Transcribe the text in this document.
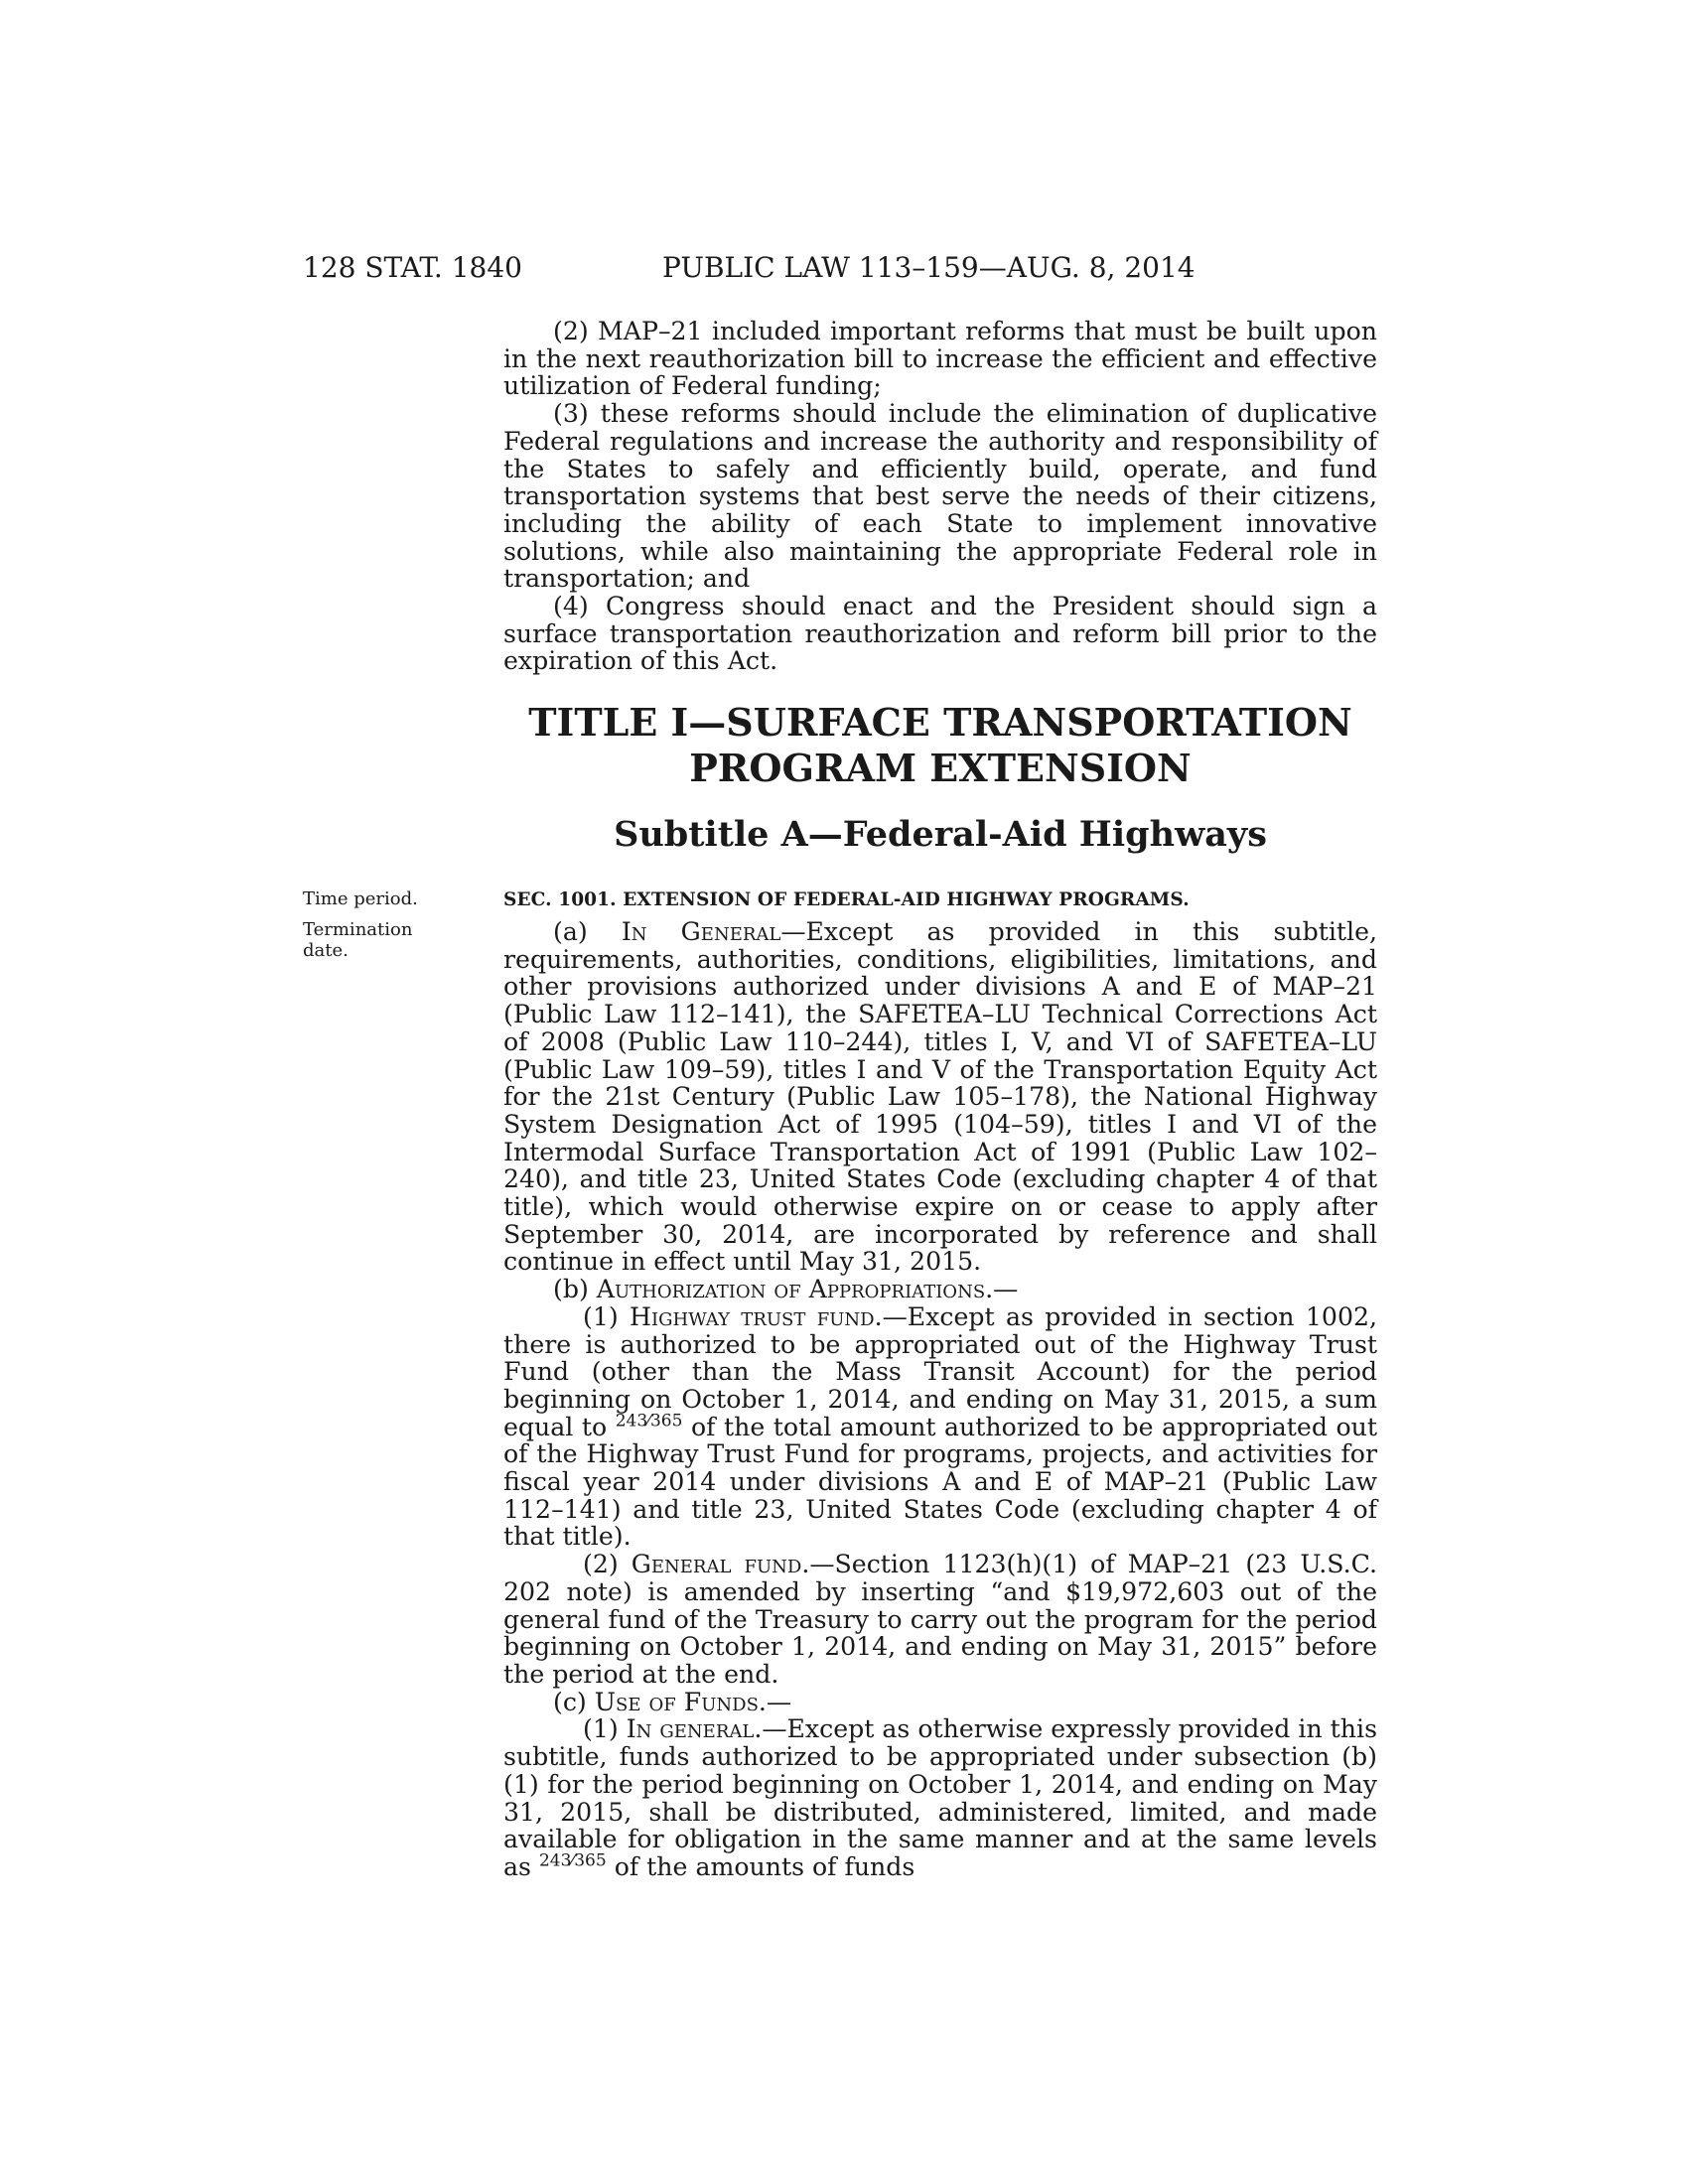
128 STAT. 1840	PUBLIC LAW 113–159—AUG. 8, 2014

(2) MAP–21 included important reforms that must be built upon in the next reauthorization bill to increase the efficient and effective utilization of Federal funding;

(3) these reforms should include the elimination of duplicative Federal regulations and increase the authority and responsibility of the States to safely and efficiently build, operate, and fund transportation systems that best serve the needs of their citizens, including the ability of each State to implement innovative solutions, while also maintaining the appropriate Federal role in transportation; and

(4) Congress should enact and the President should sign a surface transportation reauthorization and reform bill prior to the expiration of this Act.

TITLE I—SURFACE TRANSPORTATION
PROGRAM EXTENSION
Subtitle A—Federal-Aid Highways
Time period.
Termination date.
SEC. 1001. EXTENSION OF FEDERAL-AID HIGHWAY PROGRAMS.

(a) In General—Except as provided in this subtitle, requirements, authorities, conditions, eligibilities, limitations, and other provisions authorized under divisions A and E of MAP–21 (Public Law 112–141), the SAFETEA–LU Technical Corrections Act of 2008 (Public Law 110–244), titles I, V, and VI of SAFETEA–LU (Public Law 109–59), titles I and V of the Transportation Equity Act for the 21st Century (Public Law 105–178), the National Highway System Designation Act of 1995 (104–59), titles I and VI of the Intermodal Surface Transportation Act of 1991 (Public Law 102–240), and title 23, United States Code (excluding chapter 4 of that title), which would otherwise expire on or cease to apply after September 30, 2014, are incorporated by reference and shall continue in effect until May 31, 2015.

(b) Authorization of Appropriations.—

(1) Highway trust fund.—Except as provided in section 1002, there is authorized to be appropriated out of the Highway Trust Fund (other than the Mass Transit Account) for the period beginning on October 1, 2014, and ending on May 31, 2015, a sum equal to $^{243⁄365}$ of the total amount authorized to be appropriated out of the Highway Trust Fund for programs, projects, and activities for fiscal year 2014 under divisions A and E of MAP–21 (Public Law 112–141) and title 23, United States Code (excluding chapter 4 of that title).

(2) General fund.—Section 1123(h)(1) of MAP–21 (23 U.S.C. 202 note) is amended by inserting “and $19,972,603 out of the general fund of the Treasury to carry out the program for the period beginning on October 1, 2014, and ending on May 31, 2015” before the period at the end.

(c) Use of Funds.—

(1) In general.—Except as otherwise expressly provided in this subtitle, funds authorized to be appropriated under subsection (b)(1) for the period beginning on October 1, 2014, and ending on May 31, 2015, shall be distributed, administered, limited, and made available for obligation in the same manner and at the same levels as $^{243⁄365}$ of the amounts of funds
